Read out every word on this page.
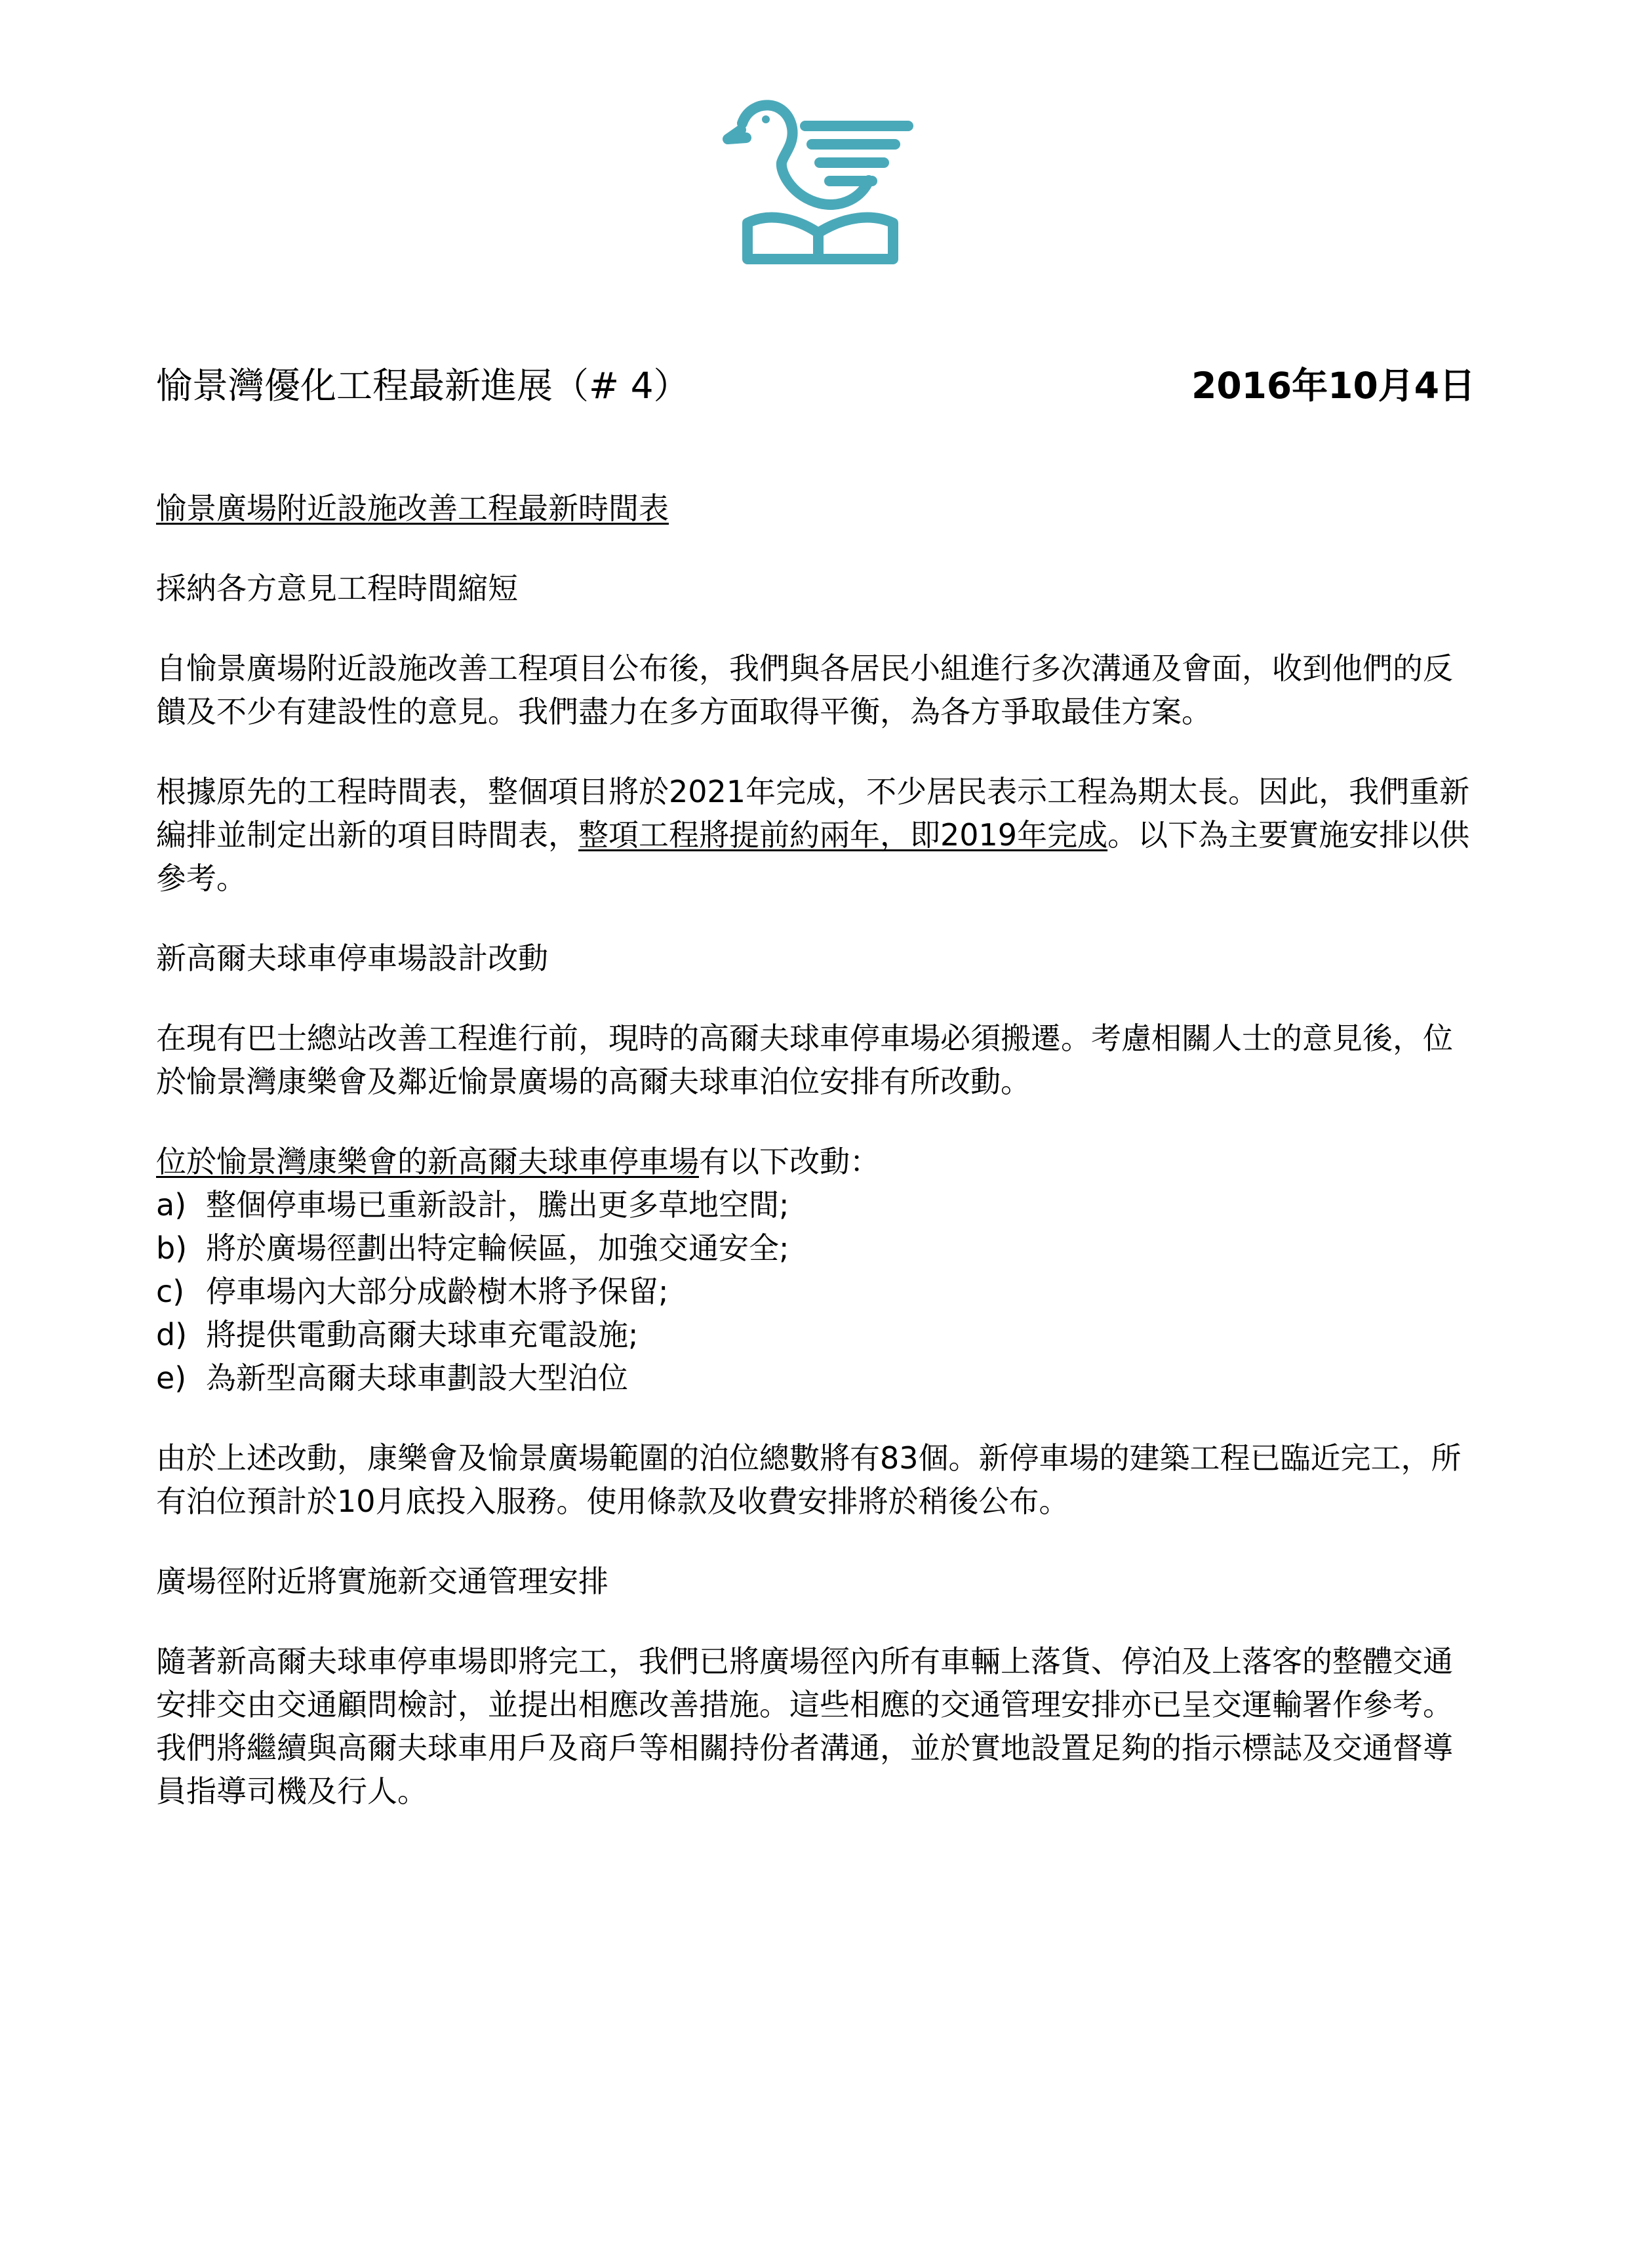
愉景灣優化工程最新進展（# 4）	2016年10月4日

愉景廣場附近設施改善工程最新時間表

採納各方意見工程時間縮短

自愉景廣場附近設施改善工程項目公布後，我們與各居民小組進行多次溝通及會面，收到他們的反饋及不少有建設性的意見。我們盡力在多方面取得平衡，為各方爭取最佳方案。

根據原先的工程時間表，整個項目將於2021年完成，不少居民表示工程為期太長。因此，我們重新編排並制定出新的項目時間表，整項工程將提前約兩年，即2019年完成。以下為主要實施安排以供參考。

新高爾夫球車停車場設計改動

在現有巴士總站改善工程進行前，現時的高爾夫球車停車場必須搬遷。考慮相關人士的意見後，位於愉景灣康樂會及鄰近愉景廣場的高爾夫球車泊位安排有所改動。

位於愉景灣康樂會的新高爾夫球車停車場有以下改動：

a) 整個停車場已重新設計，騰出更多草地空間;
b) 將於廣場徑劃出特定輪候區，加強交通安全;
c) 停車場內大部分成齡樹木將予保留;
d) 將提供電動高爾夫球車充電設施;
e) 為新型高爾夫球車劃設大型泊位

由於上述改動，康樂會及愉景廣場範圍的泊位總數將有83個。新停車場的建築工程已臨近完工，所有泊位預計於10月底投入服務。使用條款及收費安排將於稍後公布。

廣場徑附近將實施新交通管理安排

隨著新高爾夫球車停車場即將完工，我們已將廣場徑內所有車輛上落貨、停泊及上落客的整體交通安排交由交通顧問檢討，並提出相應改善措施。這些相應的交通管理安排亦已呈交運輸署作參考。我們將繼續與高爾夫球車用戶及商戶等相關持份者溝通，並於實地設置足夠的指示標誌及交通督導員指導司機及行人。
